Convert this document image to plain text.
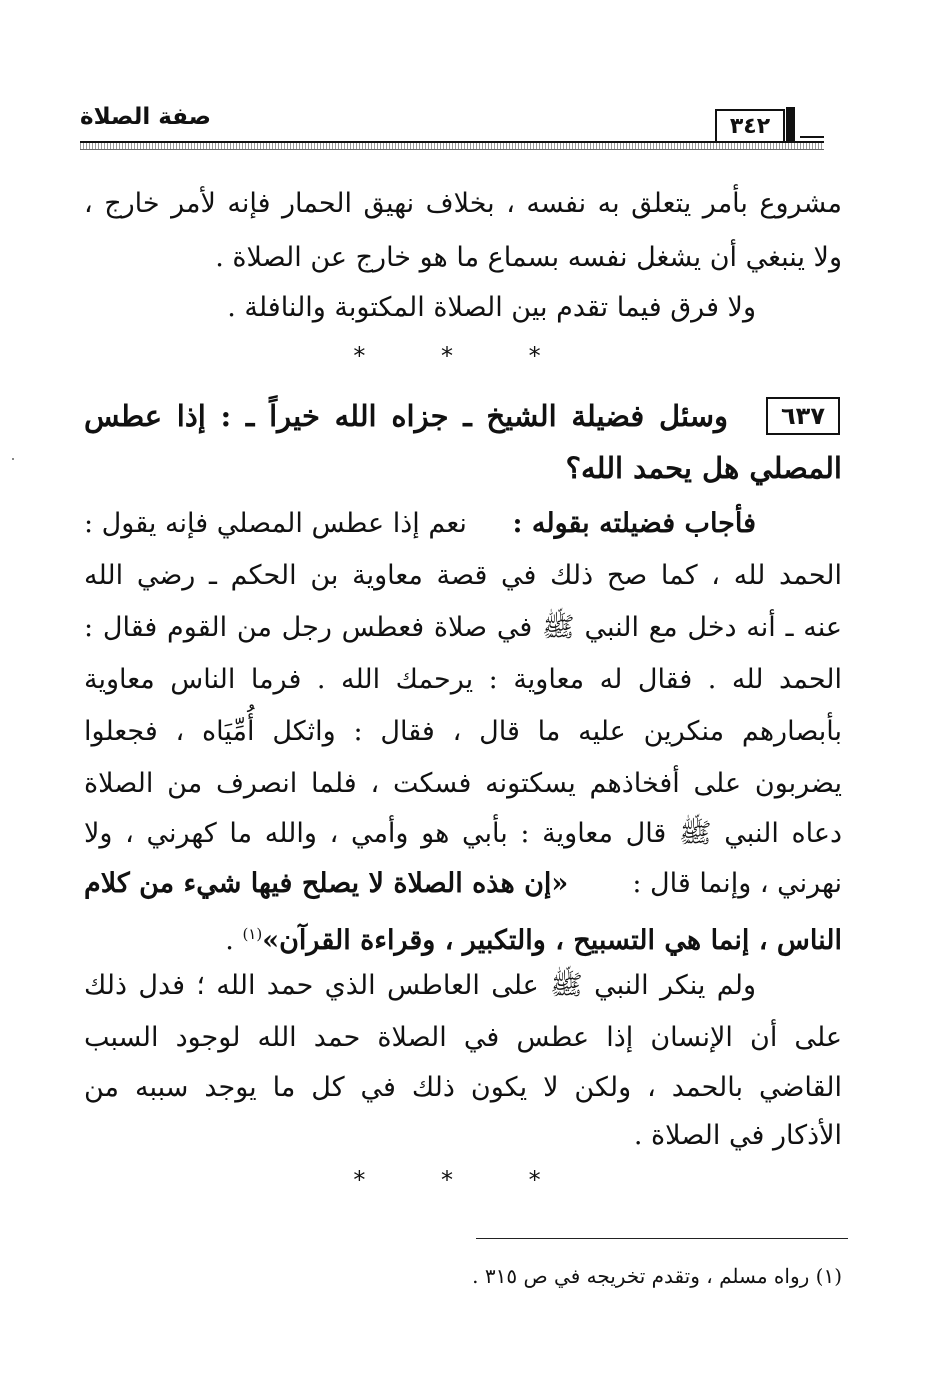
صفة الصلاة	٣٤٢
مشروع بأمر يتعلق به نفسه ، بخلاف نهيق الحمار فإنه لأمر خارج ،
ولا ينبغي أن يشغل نفسه بسماع ما هو خارج عن الصلاة .
ولا فرق فيما تقدم بين الصلاة المكتوبة والنافلة .
* * *
٦٣٧
وسئل فضيلة الشيخ ـ جزاه الله خيراً ـ : إذا عطس
المصلي هل يحمد الله؟
فأجاب فضيلته بقوله :
نعم إذا عطس المصلي فإنه يقول :
الحمد لله ، كما صح ذلك في قصة معاوية بن الحكم ـ رضي الله
عنه ـ أنه دخل مع النبي ﷺ في صلاة فعطس رجل من القوم فقال :
الحمد لله . فقال له معاوية : يرحمك الله . فرما الناس معاوية
بأبصارهم منكرين عليه ما قال ، فقال : واثكل أُمِّيَاه ، فجعلوا
يضربون على أفخاذهم يسكتونه فسكت ، فلما انصرف من الصلاة
دعاه النبي ﷺ قال معاوية : بأبي هو وأمي ، والله ما كهرني ، ولا
نهرني ، وإنما قال :
«إن هذه الصلاة لا يصلح فيها شيء من كلام
الناس ، إنما هي التسبيح ، والتكبير ، وقراءة القرآن»$^{(١)}$ .
ولم ينكر النبي ﷺ على العاطس الذي حمد الله ؛ فدل ذلك
على أن الإنسان إذا عطس في الصلاة حمد الله لوجود السبب
القاضي بالحمد ، ولكن لا يكون ذلك في كل ما يوجد سببه من
الأذكار في الصلاة .
* * *
(١) رواه مسلم ، وتقدم تخريجه في ص ٣١٥ .
